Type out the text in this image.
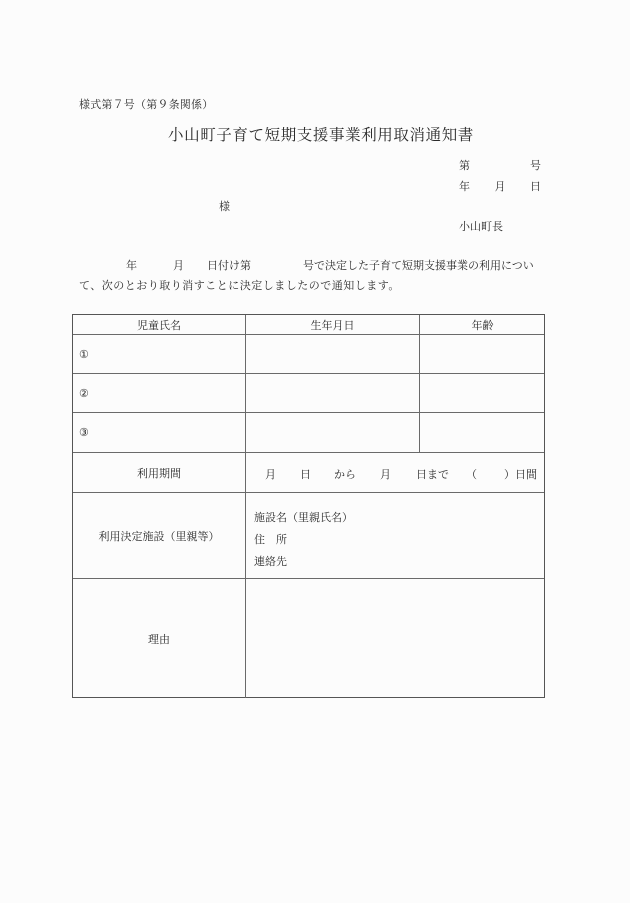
様式第７号（第９条関係）
小山町子育て短期支援事業利用取消通知書
第	号
年 月 日
様
小山町長
年	月 日付け第	号で決定した子育て短期支援事業の利用につい
て、次のとおり取り消すことに決定しましたので通知します。
児童氏名	生年月日	年齢
①
②
③
利用期間	月 日 から 月 日まで （ ）日間
利用決定施設（里親等）
施設名（里親氏名）
住　所
連絡先
理由
